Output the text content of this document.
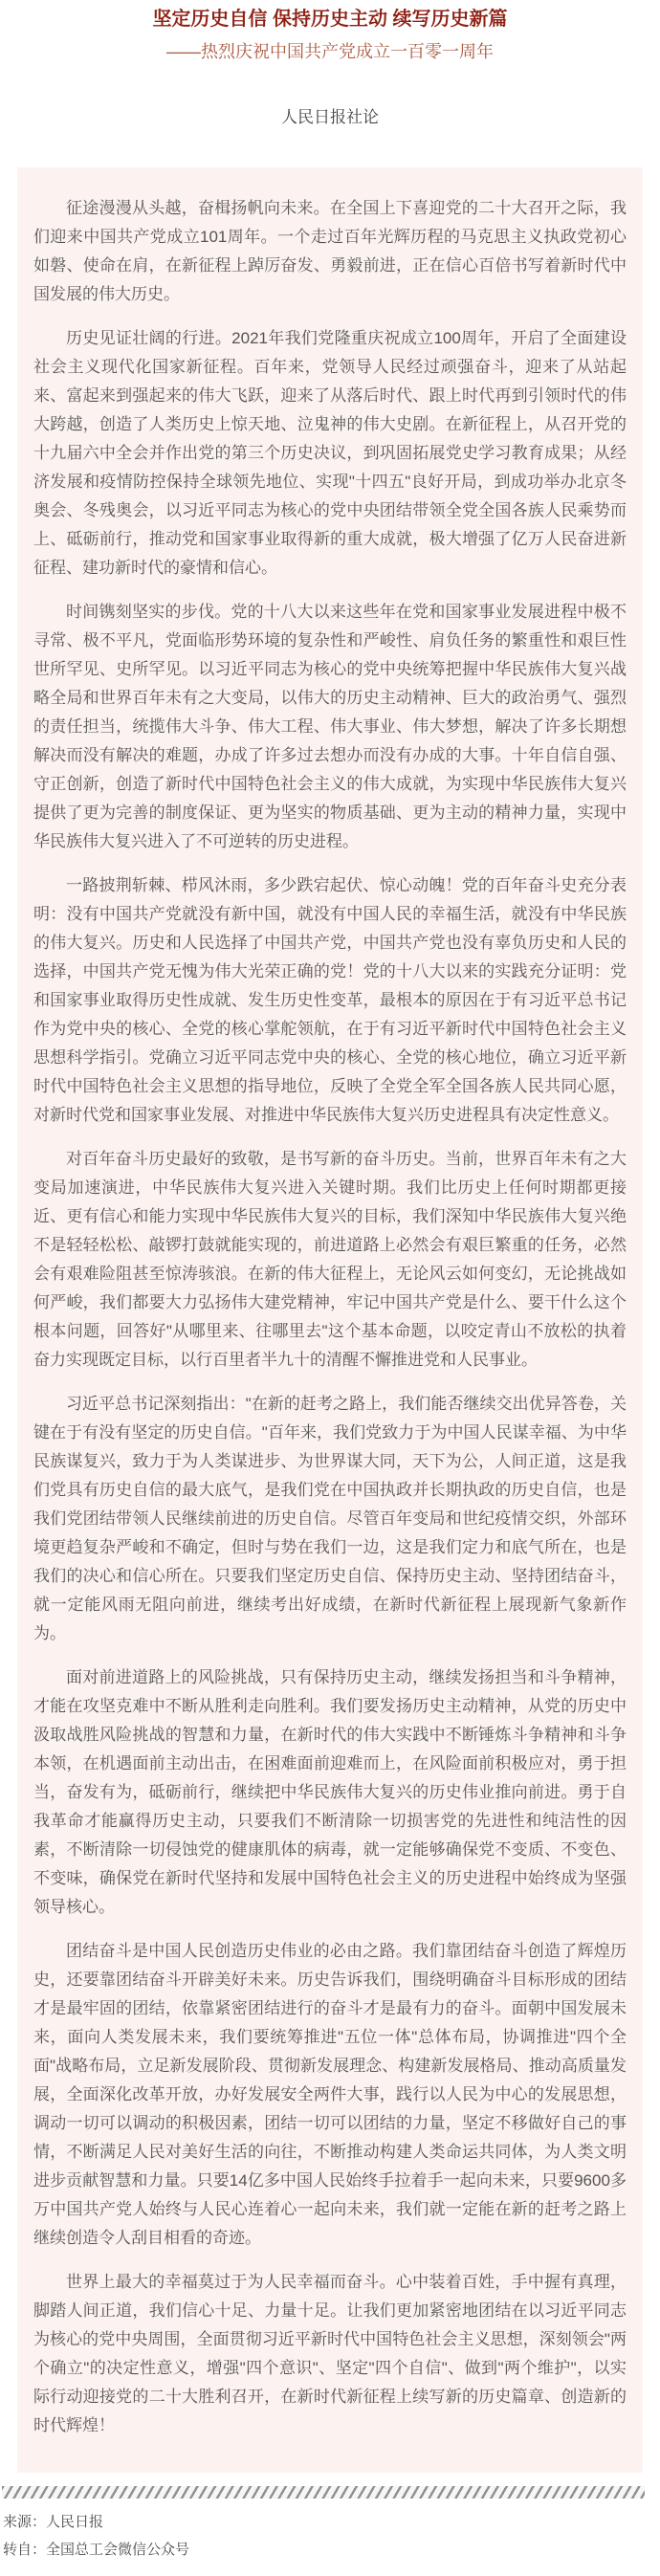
坚定历史自信 保持历史主动 续写历史新篇
——热烈庆祝中国共产党成立一百零一周年
人民日报社论

征途漫漫从头越，奋楫扬帆向未来。在全国上下喜迎党的二十大召开之际，我们迎来中国共产党成立101周年。一个走过百年光辉历程的马克思主义执政党初心如磐、使命在肩，在新征程上踔厉奋发、勇毅前进，正在信心百倍书写着新时代中国发展的伟大历史。

历史见证壮阔的行进。2021年我们党隆重庆祝成立100周年，开启了全面建设社会主义现代化国家新征程。百年来，党领导人民经过顽强奋斗，迎来了从站起来、富起来到强起来的伟大飞跃，迎来了从落后时代、跟上时代再到引领时代的伟大跨越，创造了人类历史上惊天地、泣鬼神的伟大史剧。在新征程上，从召开党的十九届六中全会并作出党的第三个历史决议，到巩固拓展党史学习教育成果；从经济发展和疫情防控保持全球领先地位、实现"十四五"良好开局，到成功举办北京冬奥会、冬残奥会，以习近平同志为核心的党中央团结带领全党全国各族人民乘势而上、砥砺前行，推动党和国家事业取得新的重大成就，极大增强了亿万人民奋进新征程、建功新时代的豪情和信心。

时间镌刻坚实的步伐。党的十八大以来这些年在党和国家事业发展进程中极不寻常、极不平凡，党面临形势环境的复杂性和严峻性、肩负任务的繁重性和艰巨性世所罕见、史所罕见。以习近平同志为核心的党中央统筹把握中华民族伟大复兴战略全局和世界百年未有之大变局，以伟大的历史主动精神、巨大的政治勇气、强烈的责任担当，统揽伟大斗争、伟大工程、伟大事业、伟大梦想，解决了许多长期想解决而没有解决的难题，办成了许多过去想办而没有办成的大事。十年自信自强、守正创新，创造了新时代中国特色社会主义的伟大成就，为实现中华民族伟大复兴提供了更为完善的制度保证、更为坚实的物质基础、更为主动的精神力量，实现中华民族伟大复兴进入了不可逆转的历史进程。

一路披荆斩棘、栉风沐雨，多少跌宕起伏、惊心动魄！党的百年奋斗史充分表明：没有中国共产党就没有新中国，就没有中国人民的幸福生活，就没有中华民族的伟大复兴。历史和人民选择了中国共产党，中国共产党也没有辜负历史和人民的选择，中国共产党无愧为伟大光荣正确的党！党的十八大以来的实践充分证明：党和国家事业取得历史性成就、发生历史性变革，最根本的原因在于有习近平总书记作为党中央的核心、全党的核心掌舵领航，在于有习近平新时代中国特色社会主义思想科学指引。党确立习近平同志党中央的核心、全党的核心地位，确立习近平新时代中国特色社会主义思想的指导地位，反映了全党全军全国各族人民共同心愿，对新时代党和国家事业发展、对推进中华民族伟大复兴历史进程具有决定性意义。

对百年奋斗历史最好的致敬，是书写新的奋斗历史。当前，世界百年未有之大变局加速演进，中华民族伟大复兴进入关键时期。我们比历史上任何时期都更接近、更有信心和能力实现中华民族伟大复兴的目标，我们深知中华民族伟大复兴绝不是轻轻松松、敲锣打鼓就能实现的，前进道路上必然会有艰巨繁重的任务，必然会有艰难险阻甚至惊涛骇浪。在新的伟大征程上，无论风云如何变幻，无论挑战如何严峻，我们都要大力弘扬伟大建党精神，牢记中国共产党是什么、要干什么这个根本问题，回答好"从哪里来、往哪里去"这个基本命题，以咬定青山不放松的执着奋力实现既定目标，以行百里者半九十的清醒不懈推进党和人民事业。

习近平总书记深刻指出："在新的赶考之路上，我们能否继续交出优异答卷，关键在于有没有坚定的历史自信。"百年来，我们党致力于为中国人民谋幸福、为中华民族谋复兴，致力于为人类谋进步、为世界谋大同，天下为公，人间正道，这是我们党具有历史自信的最大底气，是我们党在中国执政并长期执政的历史自信，也是我们党团结带领人民继续前进的历史自信。尽管百年变局和世纪疫情交织，外部环境更趋复杂严峻和不确定，但时与势在我们一边，这是我们定力和底气所在，也是我们的决心和信心所在。只要我们坚定历史自信、保持历史主动、坚持团结奋斗，就一定能风雨无阻向前进，继续考出好成绩，在新时代新征程上展现新气象新作为。

面对前进道路上的风险挑战，只有保持历史主动，继续发扬担当和斗争精神，才能在攻坚克难中不断从胜利走向胜利。我们要发扬历史主动精神，从党的历史中汲取战胜风险挑战的智慧和力量，在新时代的伟大实践中不断锤炼斗争精神和斗争本领，在机遇面前主动出击，在困难面前迎难而上，在风险面前积极应对，勇于担当，奋发有为，砥砺前行，继续把中华民族伟大复兴的历史伟业推向前进。勇于自我革命才能赢得历史主动，只要我们不断清除一切损害党的先进性和纯洁性的因素，不断清除一切侵蚀党的健康肌体的病毒，就一定能够确保党不变质、不变色、不变味，确保党在新时代坚持和发展中国特色社会主义的历史进程中始终成为坚强领导核心。

团结奋斗是中国人民创造历史伟业的必由之路。我们靠团结奋斗创造了辉煌历史，还要靠团结奋斗开辟美好未来。历史告诉我们，围绕明确奋斗目标形成的团结才是最牢固的团结，依靠紧密团结进行的奋斗才是最有力的奋斗。面朝中国发展未来，面向人类发展未来，我们要统筹推进"五位一体"总体布局，协调推进"四个全面"战略布局，立足新发展阶段、贯彻新发展理念、构建新发展格局、推动高质量发展，全面深化改革开放，办好发展安全两件大事，践行以人民为中心的发展思想，调动一切可以调动的积极因素，团结一切可以团结的力量，坚定不移做好自己的事情，不断满足人民对美好生活的向往，不断推动构建人类命运共同体，为人类文明进步贡献智慧和力量。只要14亿多中国人民始终手拉着手一起向未来，只要9600多万中国共产党人始终与人民心连着心一起向未来，我们就一定能在新的赶考之路上继续创造令人刮目相看的奇迹。

世界上最大的幸福莫过于为人民幸福而奋斗。心中装着百姓，手中握有真理，脚踏人间正道，我们信心十足、力量十足。让我们更加紧密地团结在以习近平同志为核心的党中央周围，全面贯彻习近平新时代中国特色社会主义思想，深刻领会"两个确立"的决定性意义，增强"四个意识"、坚定"四个自信"、做到"两个维护"，以实际行动迎接党的二十大胜利召开，在新时代新征程上续写新的历史篇章、创造新的时代辉煌！

来源：人民日报
转自：全国总工会微信公众号
